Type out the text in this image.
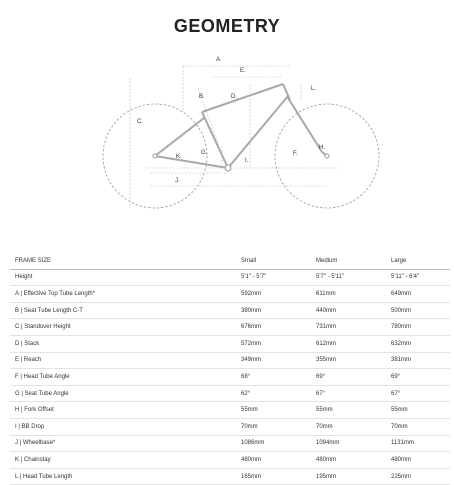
GEOMETRY
A.
E.
B.	D.
L.
C.
K.
G.
I.
F.
H.
J.
FRAME SIZE	Small	Medium	Large
Height	5'1" - 5'7"	5'7" - 5'11"	5'11" - 6'4"
A | Effective Top Tube Length*	592mm	611mm	649mm
B | Seat Tube Length C-T	380mm	440mm	500mm
C | Standover Height	676mm	731mm	780mm
D | Stack	572mm	612mm	632mm
E | Reach	349mm	355mm	381mm
F | Head Tube Angle	68°	69°	69°
G | Seat Tube Angle	62°	67°	67°
H | Fork Offset	55mm	55mm	55mm
I | BB Drop	70mm	70mm	70mm
J | Wheelbase*	1086mm	1094mm	1131mm
K | Chainstay	480mm	480mm	480mm
L | Head Tube Length	165mm	195mm	225mm
